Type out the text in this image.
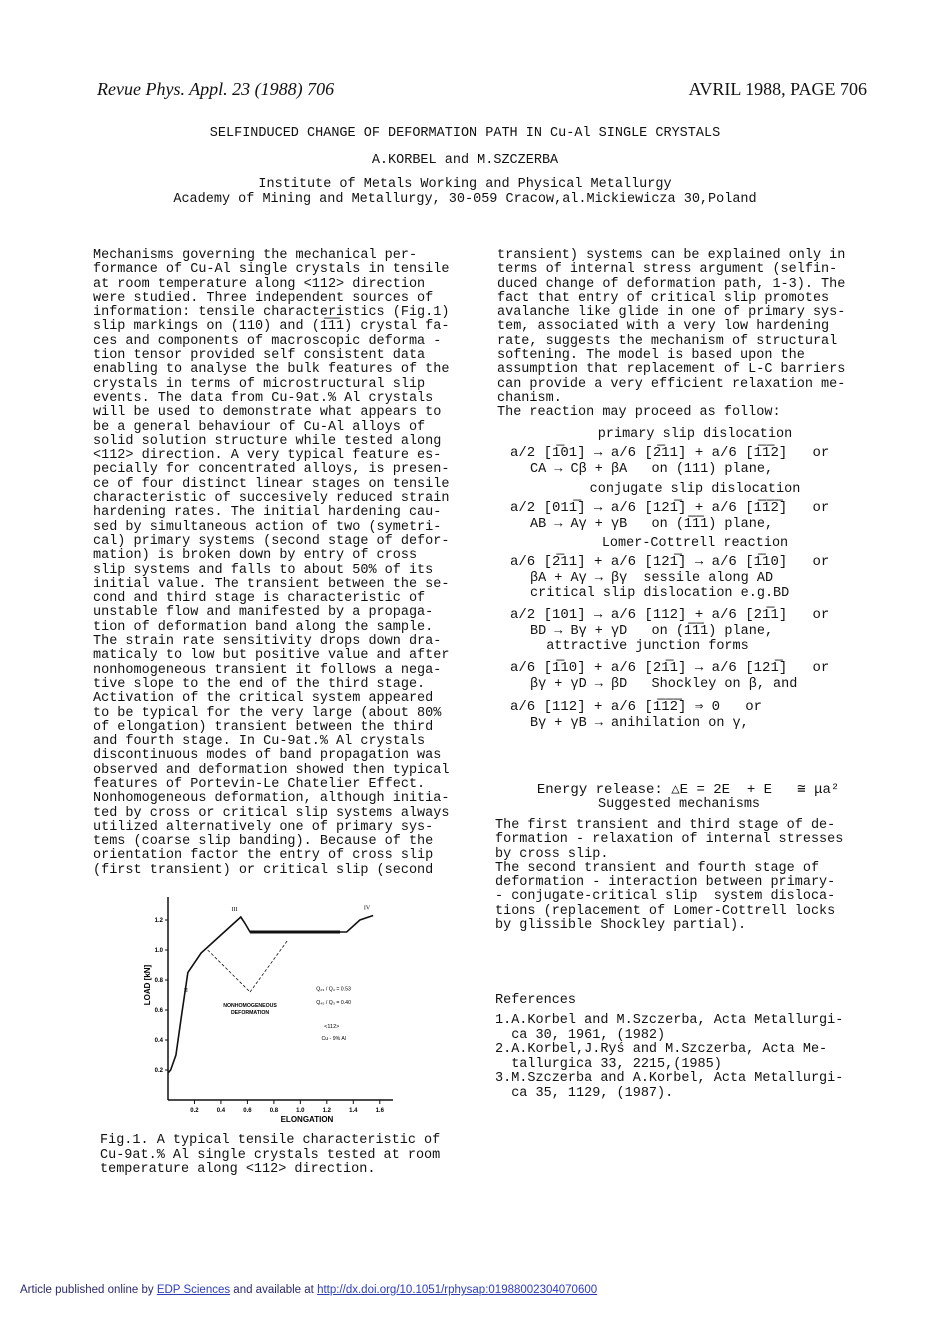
Revue Phys. Appl. 23 (1988) 706	AVRIL 1988, PAGE 706
SELFINDUCED CHANGE OF DEFORMATION PATH IN Cu-Al SINGLE CRYSTALS
A.KORBEL and M.SZCZERBA
Institute of Metals Working and Physical Metallurgy
Academy of Mining and Metallurgy, 30-059 Cracow,al.Mickiewicza 30,Poland
Mechanisms governing the mechanical per-
formance of Cu-Al single crystals in tensile
at room temperature along <112> direction
were studied. Three independent sources of
information: tensile characteristics (Fig.1)
slip markings on (110) and (1̅1̅1) crystal fa-
ces and components of macroscopic deforma -
tion tensor provided self consistent data
enabling to analyse the bulk features of the
crystals in terms of microstructural slip
events. The data from Cu-9at.% Al crystals
will be used to demonstrate what appears to
be a general behaviour of Cu-Al alloys of
solid solution structure while tested along
<112> direction. A very typical feature es-
pecially for concentrated alloys, is presen-
ce of four distinct linear stages on tensile
characteristic of succesively reduced strain
hardening rates. The initial hardening cau-
sed by simultaneous action of two (symetri-
cal) primary systems (second stage of defor-
mation) is broken down by entry of cross
slip systems and falls to about 50% of its
initial value. The transient between the se-
cond and third stage is characteristic of
unstable flow and manifested by a propaga-
tion of deformation band along the sample.
The strain rate sensitivity drops down dra-
maticaly to low but positive value and after
nonhomogeneous transient it follows a nega-
tive slope to the end of the third stage.
Activation of the critical system appeared
to be typical for the very large (about 80%
of elongation) transient between the third
and fourth stage. In Cu-9at.% Al crystals
discontinuous modes of band propagation was
observed and deformation showed then typical
features of Portevin-Le Chatelier Effect.
Nonhomogeneous deformation, although initia-
ted by cross or critical slip systems always
utilized alternatively one of primary sys-
tems (coarse slip banding). Because of the
orientation factor the entry of cross slip
(first transient) or critical slip (second
transient) systems can be explained only in
terms of internal stress argument (selfin-
duced change of deformation path, 1-3). The
fact that entry of critical slip promotes
avalanche like glide in one of primary sys-
tem, associated with a very low hardening
rate, suggests the mechanism of structural
softening. The model is based upon the
assumption that replacement of L-C barriers
can provide a very efficient relaxation me-
chanism.
The reaction may proceed as follow:
primary slip dislocation
a/2 [1̅01] → a/6 [2̅11] + a/6 [1̅1̅2]   or
CA → Cβ + βA   on (111) plane,
conjugate slip dislocation
a/2 [011̅] → a/6 [121̅] + a/6 [1̅1̅2̅]   or
AB → Aγ + γB   on (1̅1̅1) plane,
Lomer-Cottrell reaction
a/6 [2̅11] + a/6 [121̅] → a/6 [1̅10]   or
βA + Aγ → βγ  sessile along AD
critical slip dislocation e.g.BD
a/2 [101] → a/6 [112] + a/6 [21̅1]   or
BD → Bγ + γD   on (1̅1̅1) plane,
attractive junction forms
a/6 [1̅10] + a/6 [21̅1] → a/6 [121̅]   or
βγ + γD → βD   Shockley on β, and
a/6 [112] + a/6 [1̅1̅2̅] ⇒ 0   or
Bγ + γB → anihilation on γ,

Energy release: △E = 2E  + E   ≅ μa²

Suggested mechanisms
The first transient and third stage of de-
formation - relaxation of internal stresses
by cross slip.
The second transient and fourth stage of
deformation - interaction between primary-
- conjugate-critical slip  system disloca-
tions (replacement of Lomer-Cottrell locks
by glissible Shockley partial).
References
1.A.Korbel and M.Szczerba, Acta Metallurgi-
ca 30, 1961, (1982)
2.A.Korbel,J.Ryś and M.Szczerba, Acta Me-
tallurgica 33, 2215,(1985)
3.M.Szczerba and A.Korbel, Acta Metallurgi-
ca 35, 1129, (1987).
0.2	0.4	0.6	0.8	1.0	1.2	1.4	1.6
1.2
1.0
0.8
0.6
0.4
0.2
LOAD [kN]
ELONGATION
III	IV
II
NONHOMOGENEOUS
DEFORMATION
Q₂₃ / Q₄ = 0.53
Q₄₅ / Q₃ = 0.40
<112>
Cu - 9% Al
Fig.1. A typical tensile characteristic of
Cu-9at.% Al single crystals tested at room
temperature along <112> direction.
Article published online by EDP Sciences and available at http://dx.doi.org/10.1051/rphysap:01988002304070600
